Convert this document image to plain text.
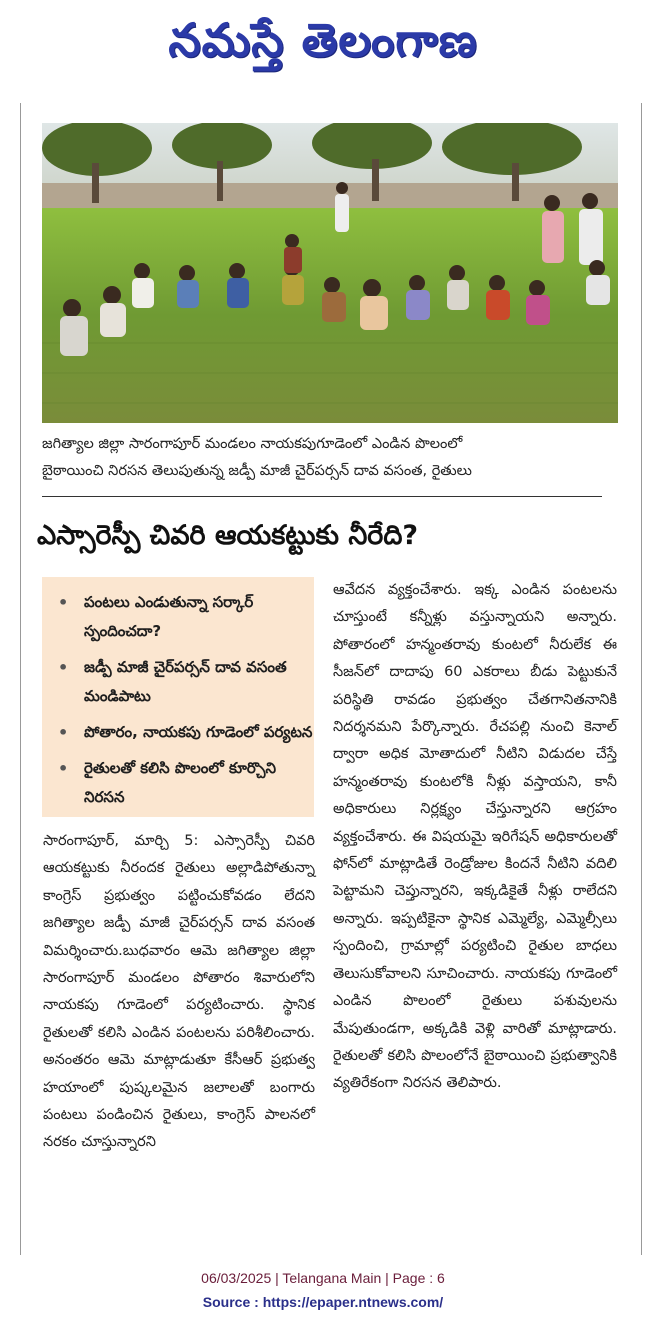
నమస్తే తెలంగాణ
జగిత్యాల జిల్లా సారంగాపూర్ మండలం నాయకపుగూడెంలో ఎండిన పొలంలో
బైఠాయించి నిరసన తెలుపుతున్న జడ్పీ మాజీ చైర్‌పర్సన్ దావ వసంత, రైతులు
ఎస్సారెస్పీ చివరి ఆయకట్టుకు నీరేది?
• పంటలు ఎండుతున్నా సర్కార్ స్పందించదా?
• జడ్పీ మాజీ చైర్‌పర్సన్ దావ వసంత మండిపాటు
• పోతారం, నాయకపు గూడెంలో పర్యటన
• రైతులతో కలిసి పొలంలో కూర్చొని నిరసన
సారంగాపూర్, మార్చి 5: ఎస్సారెస్పీ చివరి ఆయకట్టుకు నీరందక రైతులు అల్లాడిపోతున్నా కాంగ్రెస్ ప్రభుత్వం పట్టించుకోవడం లేదని జగిత్యాల జడ్పీ మాజీ చైర్‌పర్సన్ దావ వసంత విమర్శించారు.బుధవారం ఆమె జగిత్యాల జిల్లా సారంగాపూర్ మండలం పోతారం శివారులోని నాయకపు గూడెంలో పర్యటించారు. స్థానిక రైతులతో కలిసి ఎండిన పంటలను పరిశీలించారు. అనంతరం ఆమె మాట్లాడుతూ కేసీఆర్ ప్రభుత్వ హయాంలో పుష్కలమైన జలాలతో బంగారు పంటలు పండించిన రైతులు, కాంగ్రెస్ పాలనలో నరకం చూస్తున్నారని
ఆవేదన వ్యక్తంచేశారు. ఇక్క ఎండిన పంటలను చూస్తుంటే కన్నీళ్లు వస్తున్నాయని అన్నారు. పోతారంలో హన్మంతరావు కుంటలో నీరులేక ఈ సీజన్‌లో దాదాపు 60 ఎకరాలు బీడు పెట్టుకునే పరిస్థితి రావడం ప్రభుత్వం చేతగానితనానికి నిదర్శనమని పేర్కొన్నారు. రేచపల్లి నుంచి కెనాల్ ద్వారా అధిక మోతాదులో నీటిని విడుదల చేస్తే హన్మంతరావు కుంటలోకి నీళ్లు వస్తాయని, కానీ అధికారులు నిర్లక్ష్యం చేస్తున్నారని ఆగ్రహం వ్యక్తంచేశారు. ఈ విషయమై ఇరిగేషన్ అధికారులతో ఫోన్‌లో మాట్లాడితే రెండ్రోజుల కిందనే నీటిని వదిలి పెట్టామని చెప్తున్నారని, ఇక్కడికైతే నీళ్లు రాలేదని అన్నారు. ఇప్పటికైనా స్థానిక ఎమ్మెల్యే, ఎమ్మెల్సీలు స్పందించి, గ్రామాల్లో పర్యటించి రైతుల బాధలు తెలుసుకోవాలని సూచించారు. నాయకపు గూడెంలో ఎండిన పొలంలో రైతులు పశువులను మేపుతుండగా, అక్కడికి వెళ్లి వారితో మాట్లాడారు. రైతులతో కలిసి పొలంలోనే బైఠాయించి ప్రభుత్వానికి వ్యతిరేకంగా నిరసన తెలిపారు.
06/03/2025 | Telangana Main | Page : 6
Source : https://epaper.ntnews.com/
